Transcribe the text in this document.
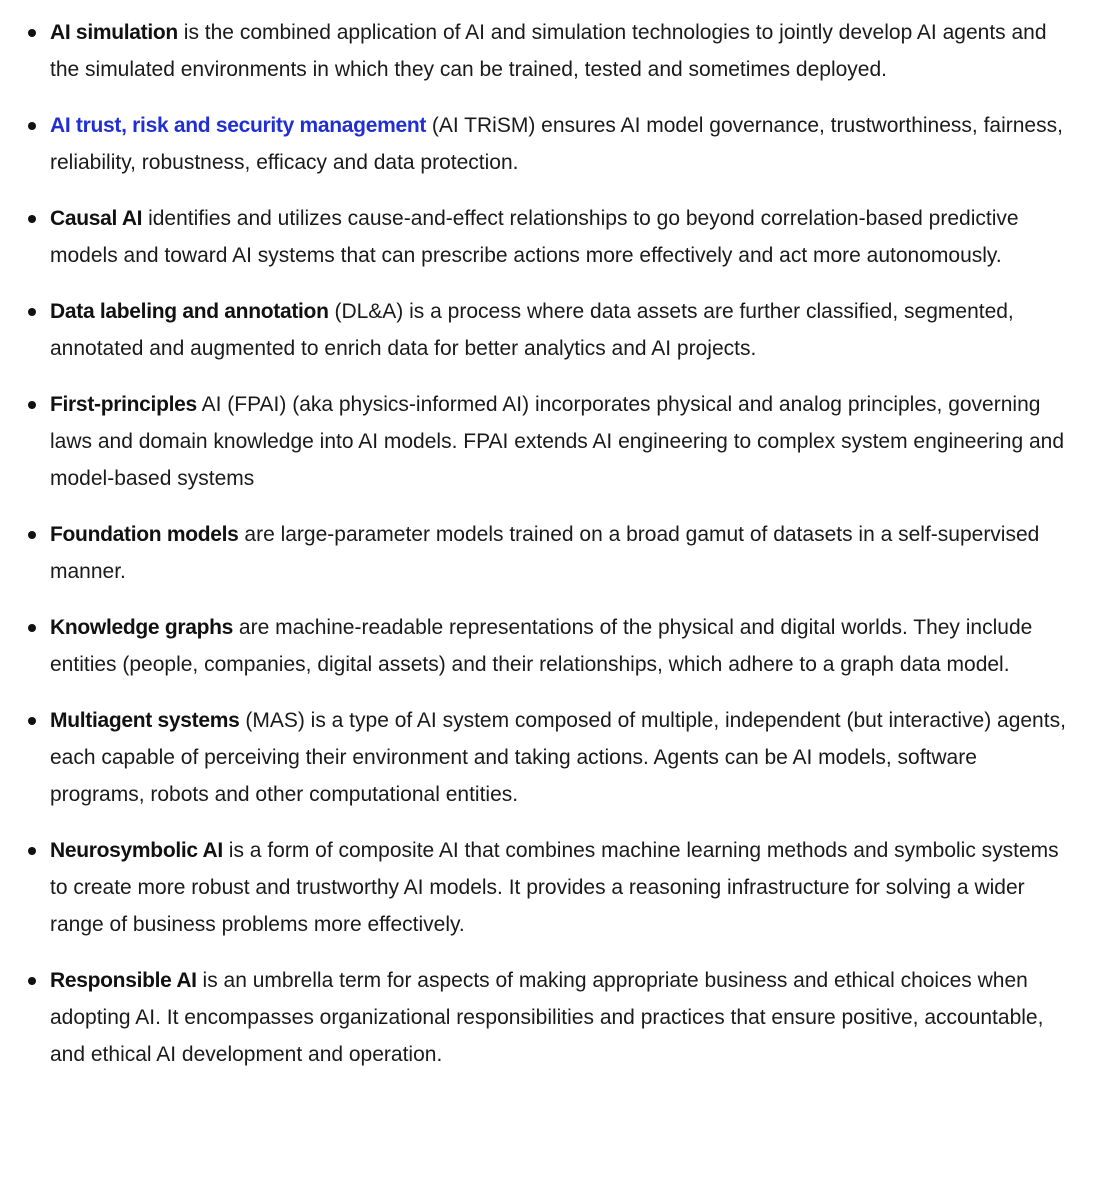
AI simulation is the combined application of AI and simulation technologies to jointly develop AI agents and the simulated environments in which they can be trained, tested and sometimes deployed.
AI trust, risk and security management (AI TRiSM) ensures AI model governance, trustworthiness, fairness, reliability, robustness, efficacy and data protection.
Causal AI identifies and utilizes cause-and-effect relationships to go beyond correlation-based predictive models and toward AI systems that can prescribe actions more effectively and act more autonomously.
Data labeling and annotation (DL&A) is a process where data assets are further classified, segmented, annotated and augmented to enrich data for better analytics and AI projects.
First-principles AI (FPAI) (aka physics-informed AI) incorporates physical and analog principles, governing laws and domain knowledge into AI models. FPAI extends AI engineering to complex system engineering and model-based systems
Foundation models are large-parameter models trained on a broad gamut of datasets in a self-supervised manner.
Knowledge graphs are machine-readable representations of the physical and digital worlds. They include entities (people, companies, digital assets) and their relationships, which adhere to a graph data model.
Multiagent systems (MAS) is a type of AI system composed of multiple, independent (but interactive) agents, each capable of perceiving their environment and taking actions. Agents can be AI models, software programs, robots and other computational entities.
Neurosymbolic AI is a form of composite AI that combines machine learning methods and symbolic systems to create more robust and trustworthy AI models. It provides a reasoning infrastructure for solving a wider range of business problems more effectively.
Responsible AI is an umbrella term for aspects of making appropriate business and ethical choices when adopting AI. It encompasses organizational responsibilities and practices that ensure positive, accountable, and ethical AI development and operation.
